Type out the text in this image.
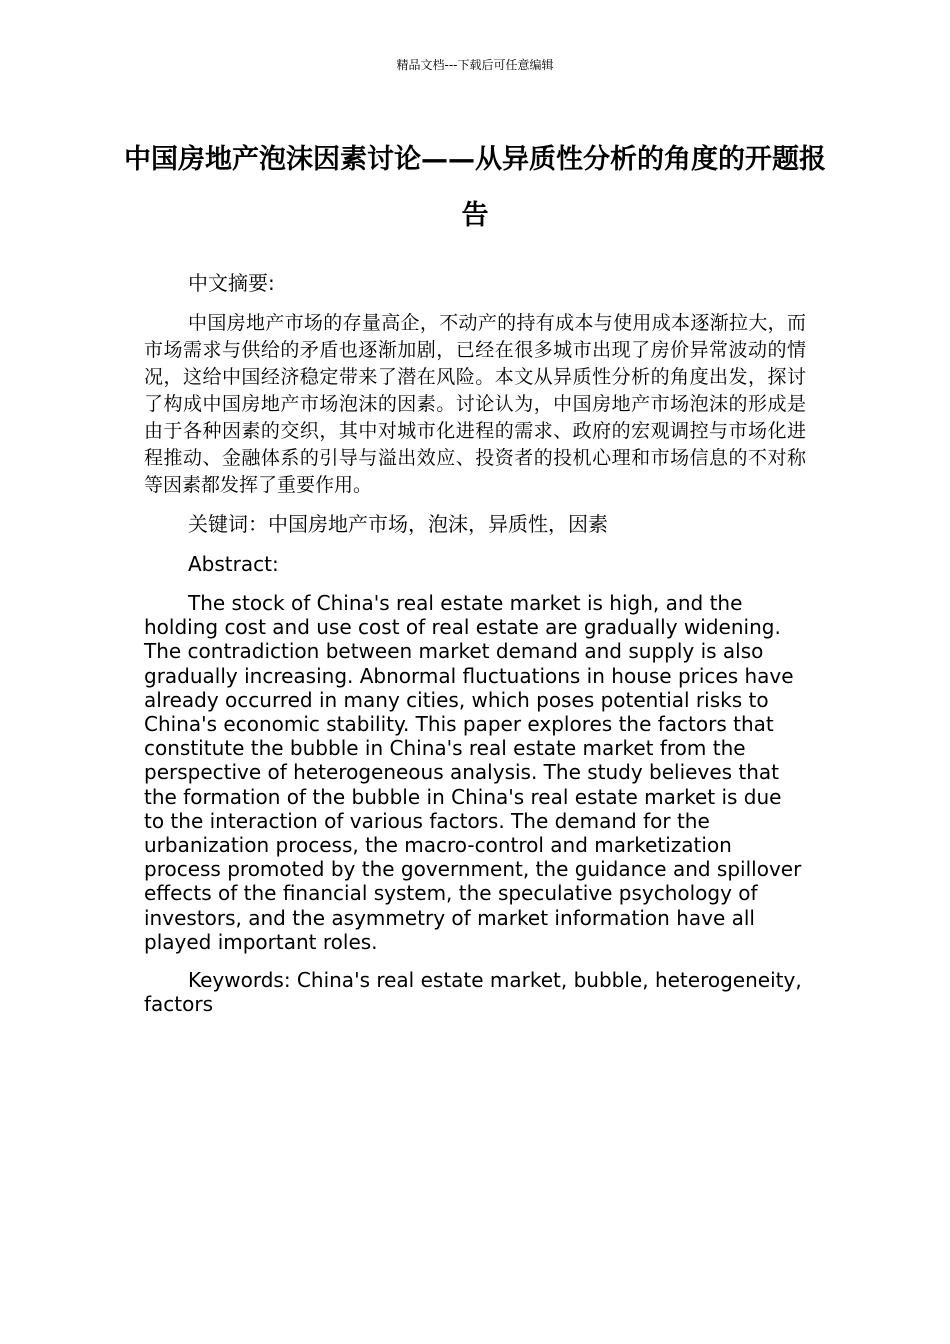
精品文档---下载后可任意编辑
中国房地产泡沫因素讨论——从异质性分析的角度的开题报告

中文摘要:

中国房地产市场的存量高企，不动产的持有成本与使用成本逐渐拉大，而市场需求与供给的矛盾也逐渐加剧，已经在很多城市出现了房价异常波动的情况，这给中国经济稳定带来了潜在风险。本文从异质性分析的角度出发，探讨了构成中国房地产市场泡沫的因素。讨论认为，中国房地产市场泡沫的形成是由于各种因素的交织，其中对城市化进程的需求、政府的宏观调控与市场化进程推动、金融体系的引导与溢出效应、投资者的投机心理和市场信息的不对称等因素都发挥了重要作用。

关键词：中国房地产市场，泡沫，异质性，因素

Abstract:

The stock of China's real estate market is high, and the holding cost and use cost of real estate are gradually widening. The contradiction between market demand and supply is also gradually increasing. Abnormal fluctuations in house prices have already occurred in many cities, which poses potential risks to China's economic stability. This paper explores the factors that constitute the bubble in China's real estate market from the perspective of heterogeneous analysis. The study believes that the formation of the bubble in China's real estate market is due to the interaction of various factors. The demand for the urbanization process, the macro-control and marketization process promoted by the government, the guidance and spillover effects of the financial system, the speculative psychology of investors, and the asymmetry of market information have all played important roles.

Keywords: China's real estate market, bubble, heterogeneity, factors
